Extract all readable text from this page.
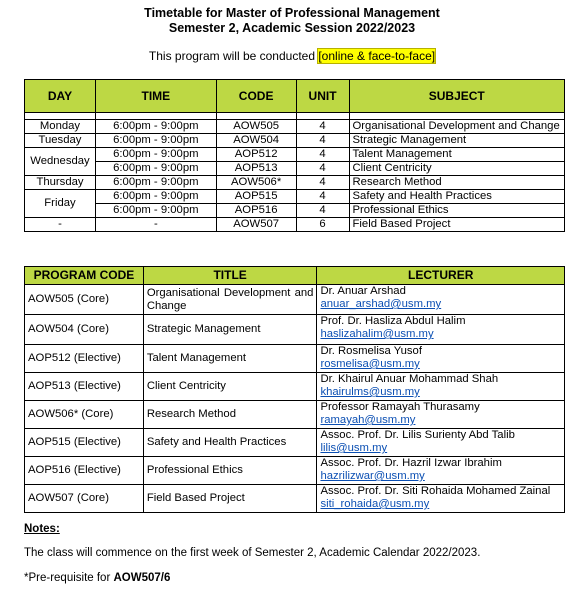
Timetable for Master of Professional Management
Semester 2, Academic Session 2022/2023
This program will be conducted [online & face-to-face]
DAY	TIME	CODE	UNIT	SUBJECT

Monday	6:00pm - 9:00pm	AOW505	4	Organisational Development and Change
Tuesday	6:00pm - 9:00pm	AOW504	4	Strategic Management
Wednesday	6:00pm - 9:00pm	AOP512	4	Talent Management
	6:00pm - 9:00pm	AOP513	4	Client Centricity
Thursday	6:00pm - 9:00pm	AOW506*	4	Research Method
Friday	6:00pm - 9:00pm	AOP515	4	Safety and Health Practices
	6:00pm - 9:00pm	AOP516	4	Professional Ethics
-	-	AOW507	6	Field Based Project
PROGRAM CODE	TITLE	LECTURER
AOW505 (Core)	Organisational Development and Change	Dr. Anuar Arshad
anuar_arshad@usm.my

AOW504 (Core)	Strategic Management	Prof. Dr. Hasliza Abdul Halim
haslizahalim@usm.my

AOP512 (Elective)	Talent Management	Dr. Rosmelisa Yusof
rosmelisa@usm.my

AOP513 (Elective)	Client Centricity	Dr. Khairul Anuar Mohammad Shah
khairulms@usm.my

AOW506* (Core)	Research Method	Professor Ramayah Thurasamy
ramayah@usm.my

AOP515 (Elective)	Safety and Health Practices	Assoc. Prof. Dr. Lilis Surienty Abd Talib
lilis@usm.my

AOP516 (Elective)	Professional Ethics	Assoc. Prof. Dr. Hazril Izwar Ibrahim
hazrilizwar@usm.my

AOW507 (Core)	Field Based Project	Assoc. Prof. Dr. Siti Rohaida Mohamed Zainal
siti_rohaida@usm.my
Notes:
The class will commence on the first week of Semester 2, Academic Calendar 2022/2023.
*Pre-requisite for AOW507/6
